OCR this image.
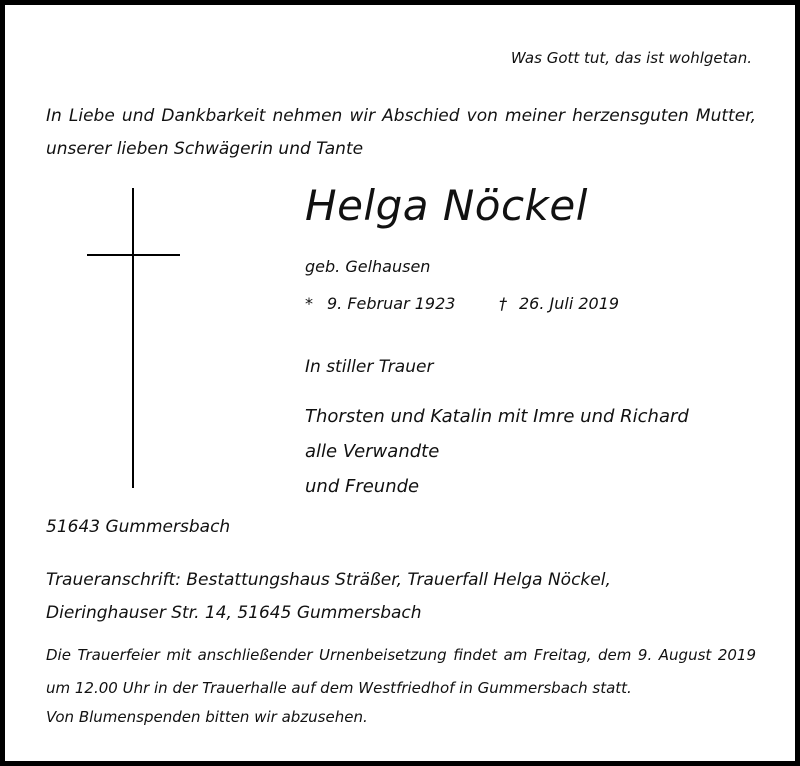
Was Gott tut, das ist wohlgetan.
In Liebe und Dankbarkeit nehmen wir Abschied von meiner herzensguten Mutter, unserer lieben Schwägerin und Tante
Helga Nöckel
geb. Gelhausen
* 9. Februar 1923	† 26. Juli 2019
In stiller Trauer
Thorsten und Katalin mit Imre und Richard
alle Verwandte
und Freunde
51643 Gummersbach
Traueranschrift: Bestattungshaus Sträßer, Trauerfall Helga Nöckel,
Dieringhauser Str. 14, 51645 Gummersbach
Die Trauerfeier mit anschließender Urnenbeisetzung findet am Freitag, dem 9. August 2019 um 12.00 Uhr in der Trauerhalle auf dem Westfriedhof in Gummersbach statt.
Von Blumenspenden bitten wir abzusehen.
